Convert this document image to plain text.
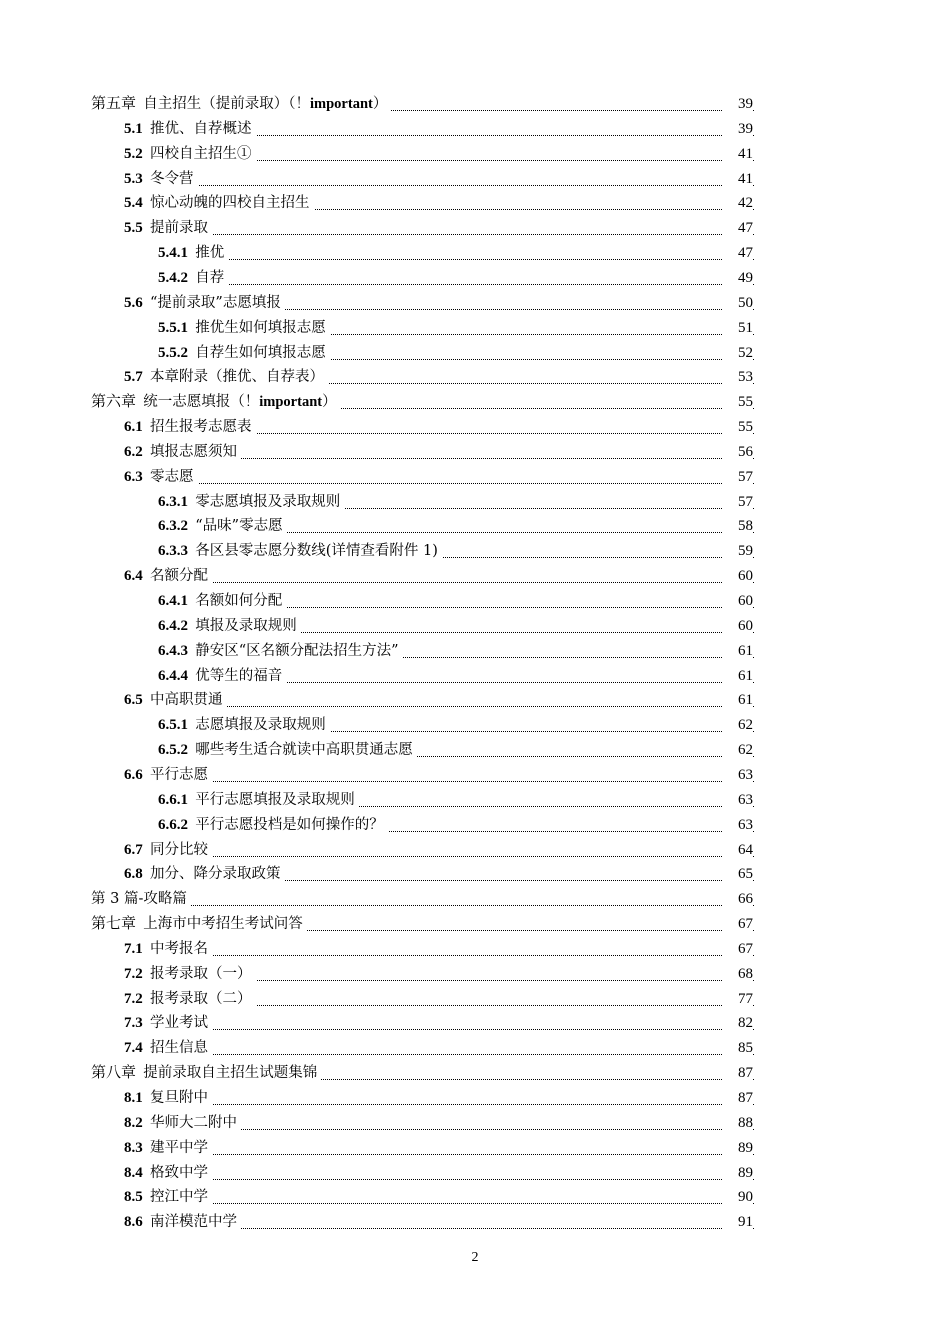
第五章  自主招生（提前录取）（！important）	39
5.1  推优、自荐概述	39
5.2  四校自主招生①	41
5.3  冬令营	41
5.4  惊心动魄的四校自主招生	42
5.5  提前录取	47
5.4.1  推优	47
5.4.2  自荐	49
5.6  “提前录取”志愿填报	50
5.5.1  推优生如何填报志愿	51
5.5.2  自荐生如何填报志愿	52
5.7  本章附录（推优、自荐表）	53
第六章  统一志愿填报（！important）	55
6.1  招生报考志愿表	55
6.2  填报志愿须知	56
6.3  零志愿	57
6.3.1  零志愿填报及录取规则	57
6.3.2  “品味”零志愿	58
6.3.3  各区县零志愿分数线(详情查看附件 1)	59
6.4  名额分配	60
6.4.1  名额如何分配	60
6.4.2  填报及录取规则	60
6.4.3  静安区“区名额分配法招生方法”	61
6.4.4  优等生的福音	61
6.5  中高职贯通	61
6.5.1  志愿填报及录取规则	62
6.5.2  哪些考生适合就读中高职贯通志愿	62
6.6  平行志愿	63
6.6.1  平行志愿填报及录取规则	63
6.6.2  平行志愿投档是如何操作的？	63
6.7  同分比较	64
6.8  加分、降分录取政策	65
第 3 篇-攻略篇	66
第七章  上海市中考招生考试问答	67
7.1  中考报名	67
7.2  报考录取（一）	68
7.2  报考录取（二）	77
7.3  学业考试	82
7.4  招生信息	85
第八章  提前录取自主招生试题集锦	87
8.1  复旦附中	87
8.2  华师大二附中	88
8.3  建平中学	89
8.4  格致中学	89
8.5  控江中学	90
8.6  南洋模范中学	91
2
